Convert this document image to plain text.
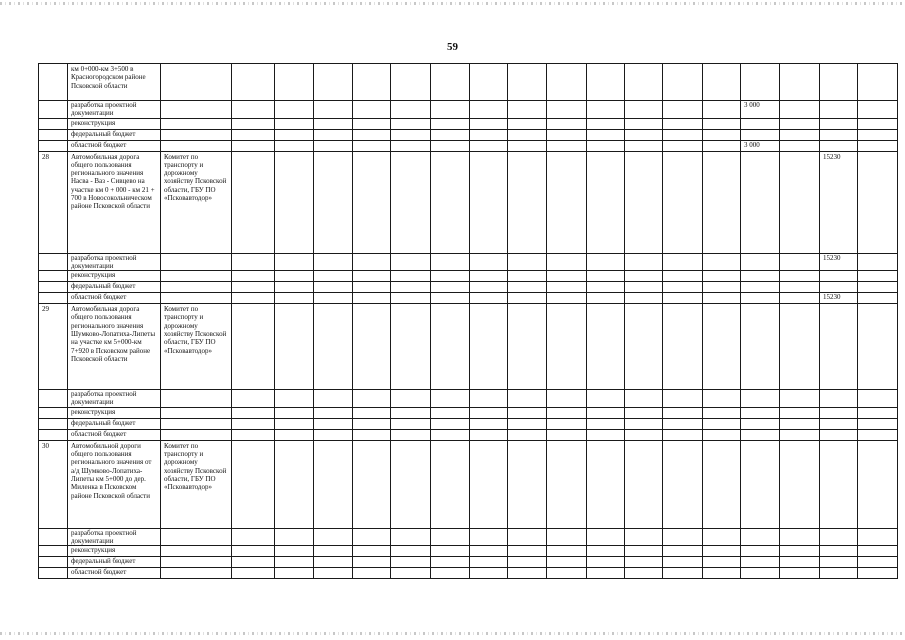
59
	км 0+000-км 3+500 в Красногородском районе Псковской области																		
	разработка проектной документации															3 000			
	реконструкция																		
	федеральный бюджет																		
	областной бюджет															3 000			
28	Автомобильная дорога общего пользования регионального значения Насва - Ваз - Сивцево на участке км 0 + 000 - км 21 + 700 в Новосокольническом районе Псковской области	Комитет по транспорту и дорожному хозяйству Псковской области, ГБУ ПО «Псковавтодор»																15230	
	разработка проектной документации																	15230	
	реконструкция																		
	федеральный бюджет																		
	областной бюджет																	15230	
29	Автомобильная дорога общего пользования регионального значения Шумково-Лопатиха-Липеты на участке км 5+000-км 7+920 в Псковском районе Псковской области	Комитет по транспорту и дорожному хозяйству Псковской области, ГБУ ПО «Псковавтодор»																	
	разработка проектной документации																		
	реконструкция																		
	федеральный бюджет																		
	областной бюджет																		
30	Автомобильной дороги общего пользования регионального значения от а/д Шумково-Лопатиха-Липеты км 5+000 до дер. Миленка в Псковском районе Псковской области	Комитет по транспорту и дорожному хозяйству Псковской области, ГБУ ПО «Псковавтодор»																	
	разработка проектной документации																		
	реконструкция																		
	федеральный бюджет																		
	областной бюджет																		
